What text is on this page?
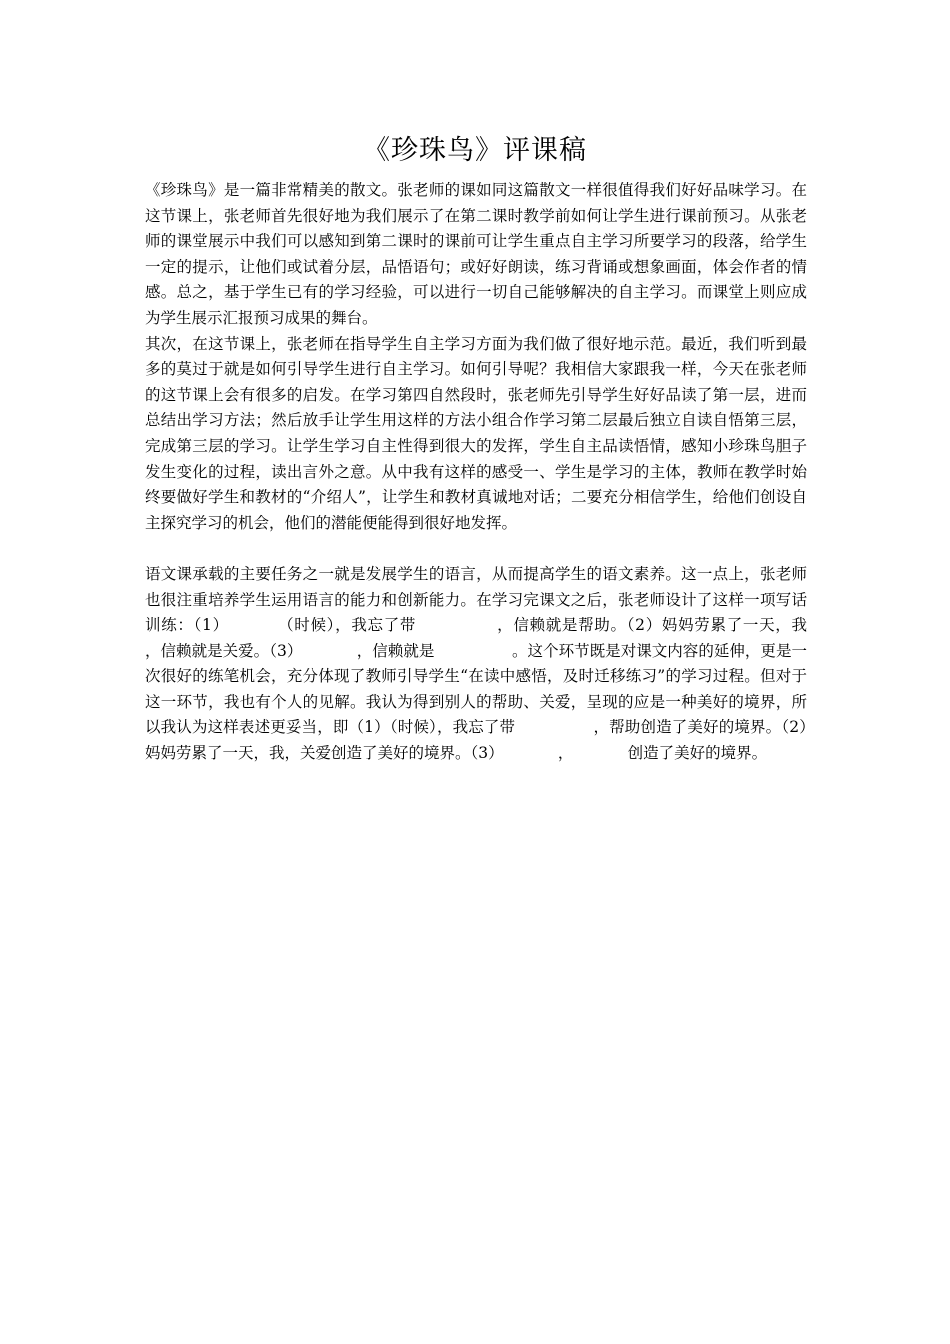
《珍珠鸟》评课稿

《珍珠鸟》是一篇非常精美的散文。张老师的课如同这篇散文一样很值得我们好好品味学习。在这节课上，张老师首先很好地为我们展示了在第二课时教学前如何让学生进行课前预习。从张老师的课堂展示中我们可以感知到第二课时的课前可让学生重点自主学习所要学习的段落，给学生一定的提示，让他们或试着分层，品悟语句；或好好朗读，练习背诵或想象画面，体会作者的情感。总之，基于学生已有的学习经验，可以进行一切自己能够解决的自主学习。而课堂上则应成为学生展示汇报预习成果的舞台。

其次，在这节课上，张老师在指导学生自主学习方面为我们做了很好地示范。最近，我们听到最多的莫过于就是如何引导学生进行自主学习。如何引导呢？我相信大家跟我一样，今天在张老师的这节课上会有很多的启发。在学习第四自然段时，张老师先引导学生好好品读了第一层，进而总结出学习方法；然后放手让学生用这样的方法小组合作学习第二层最后独立自读自悟第三层，完成第三层的学习。让学生学习自主性得到很大的发挥，学生自主品读悟情，感知小珍珠鸟胆子发生变化的过程，读出言外之意。从中我有这样的感受一、学生是学习的主体，教师在教学时始终要做好学生和教材的“介绍人”，让学生和教材真诚地对话；二要充分相信学生，给他们创设自主探究学习的机会，他们的潜能便能得到很好地发挥。

语文课承载的主要任务之一就是发展学生的语言，从而提高学生的语文素养。这一点上，张老师也很注重培养学生运用语言的能力和创新能力。在学习完课文之后，张老师设计了这样一项写话训练：（1）　　　　（时候），我忘了带　　　　　，信赖就是帮助。（2）妈妈劳累了一天，我　　　，信赖就是关爱。（3）　　　　，信赖就是　　　　　。这个环节既是对课文内容的延伸，更是一次很好的练笔机会，充分体现了教师引导学生“在读中感悟，及时迁移练习”的学习过程。但对于这一环节，我也有个人的见解。我认为得到别人的帮助、关爱，呈现的应是一种美好的境界，所以我认为这样表述更妥当，即（1）（时候），我忘了带　　　　　，帮助创造了美好的境界。（2）妈妈劳累了一天，我，关爱创造了美好的境界。（3）　　　　，　　　　创造了美好的境界。
